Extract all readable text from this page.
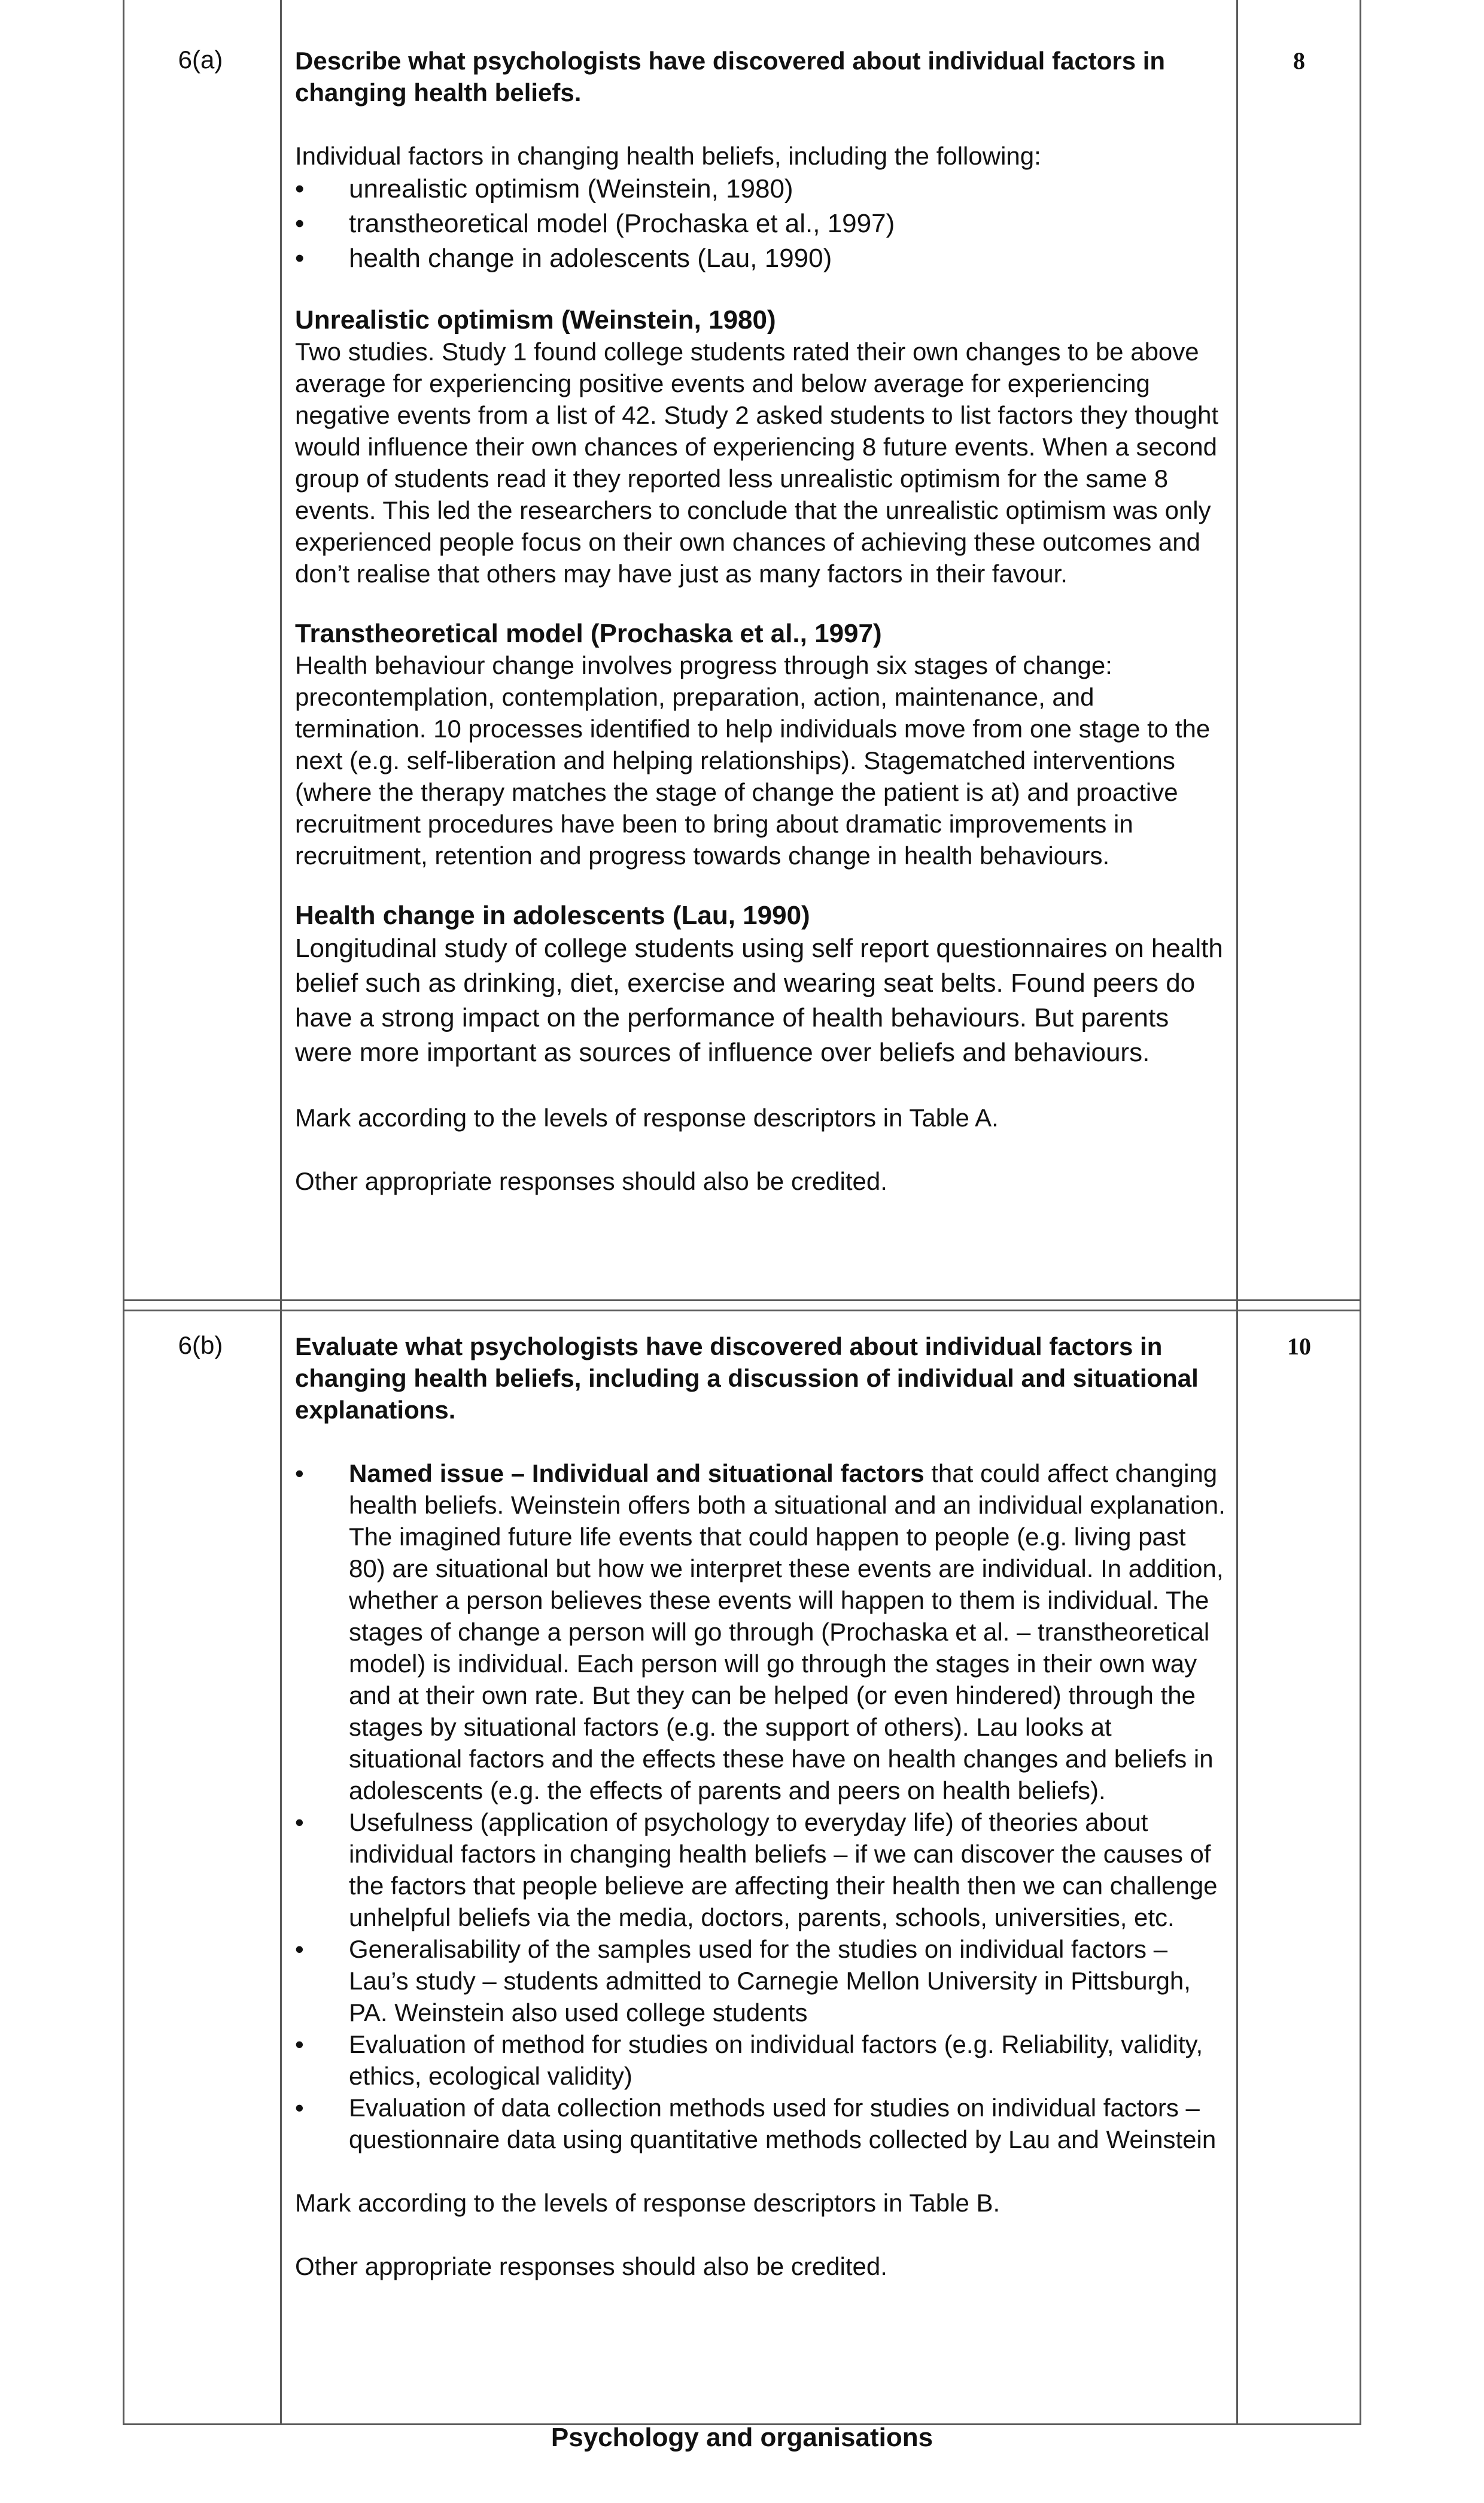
6(a)	8

Describe what psychologists have discovered about individual factors in changing health beliefs.

Individual factors in changing health beliefs, including the following:

• unrealistic optimism (Weinstein, 1980)
• transtheoretical model (Prochaska et al., 1997)
• health change in adolescents (Lau, 1990)

Unrealistic optimism (Weinstein, 1980)

Two studies. Study 1 found college students rated their own changes to be above average for experiencing positive events and below average for experiencing negative events from a list of 42. Study 2 asked students to list factors they thought would influence their own chances of experiencing 8 future events. When a second group of students read it they reported less unrealistic optimism for the same 8 events. This led the researchers to conclude that the unrealistic optimism was only experienced people focus on their own chances of achieving these outcomes and don’t realise that others may have just as many factors in their favour.

Transtheoretical model (Prochaska et al., 1997)

Health behaviour change involves progress through six stages of change: precontemplation, contemplation, preparation, action, maintenance, and termination. 10 processes identified to help individuals move from one stage to the next (e.g. self-liberation and helping relationships). Stagematched interventions (where the therapy matches the stage of change the patient is at) and proactive recruitment procedures have been to bring about dramatic improvements in recruitment, retention and progress towards change in health behaviours.

Health change in adolescents (Lau, 1990)

Longitudinal study of college students using self report questionnaires on health belief such as drinking, diet, exercise and wearing seat belts. Found peers do have a strong impact on the performance of health behaviours. But parents were more important as sources of influence over beliefs and behaviours.

Mark according to the levels of response descriptors in Table A.

Other appropriate responses should also be credited.

6(b)	10

Evaluate what psychologists have discovered about individual factors in changing health beliefs, including a discussion of individual and situational explanations.

• Named issue – Individual and situational factors that could affect changing health beliefs. Weinstein offers both a situational and an individual explanation. The imagined future life events that could happen to people (e.g. living past 80) are situational but how we interpret these events are individual. In addition, whether a person believes these events will happen to them is individual. The stages of change a person will go through (Prochaska et al. – transtheoretical model) is individual. Each person will go through the stages in their own way and at their own rate. But they can be helped (or even hindered) through the stages by situational factors (e.g. the support of others). Lau looks at situational factors and the effects these have on health changes and beliefs in adolescents (e.g. the effects of parents and peers on health beliefs).
• Usefulness (application of psychology to everyday life) of theories about individual factors in changing health beliefs – if we can discover the causes of the factors that people believe are affecting their health then we can challenge unhelpful beliefs via the media, doctors, parents, schools, universities, etc.
• Generalisability of the samples used for the studies on individual factors – Lau’s study – students admitted to Carnegie Mellon University in Pittsburgh, PA. Weinstein also used college students
• Evaluation of method for studies on individual factors (e.g. Reliability, validity, ethics, ecological validity)
• Evaluation of data collection methods used for studies on individual factors – questionnaire data using quantitative methods collected by Lau and Weinstein

Mark according to the levels of response descriptors in Table B.

Other appropriate responses should also be credited.

Psychology and organisations
